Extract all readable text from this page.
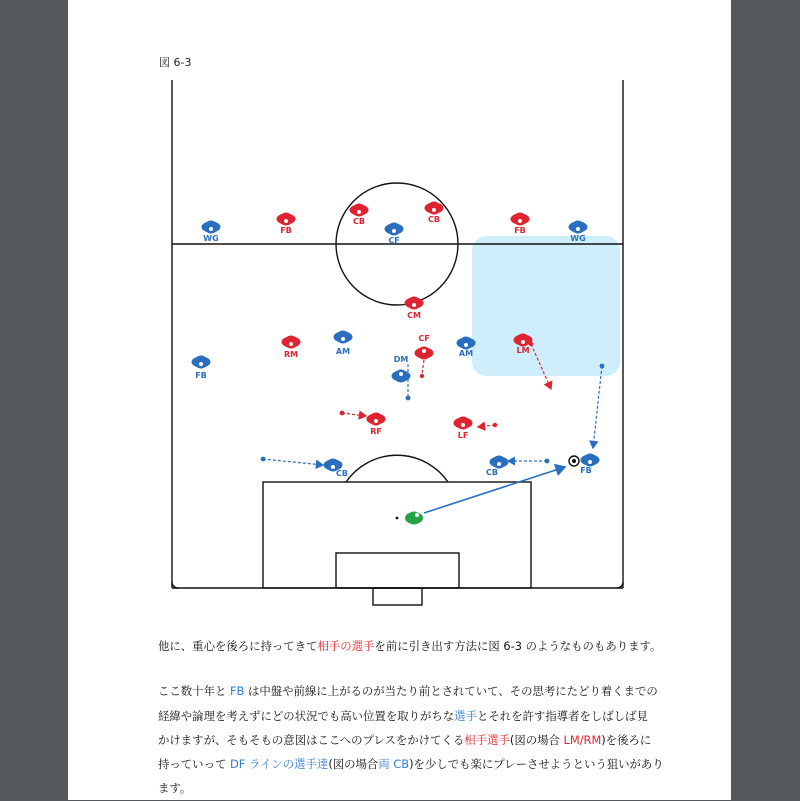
図 6-3
WG
FB
CB
CF
CB
FB
WG
CM
RM	AM
CF
DM
AM	LM
FB
RF	LF
CB	CB	FB
他に、重心を後ろに持ってきて相手の選手を前に引き出す方法に図 6-3 のようなものもあります。
ここ数十年と FB は中盤や前線に上がるのが当たり前とされていて、その思考にたどり着くまでの
経緯や論理を考えずにどの状況でも高い位置を取りがちな選手とそれを許す指導者をしばしば見
かけますが、そもそもの意図はここへのプレスをかけてくる相手選手(図の場合 LM/RM)を後ろに
持っていって DF ラインの選手達(図の場合両 CB)を少しでも楽にプレーさせようという狙いがあり
ます。
